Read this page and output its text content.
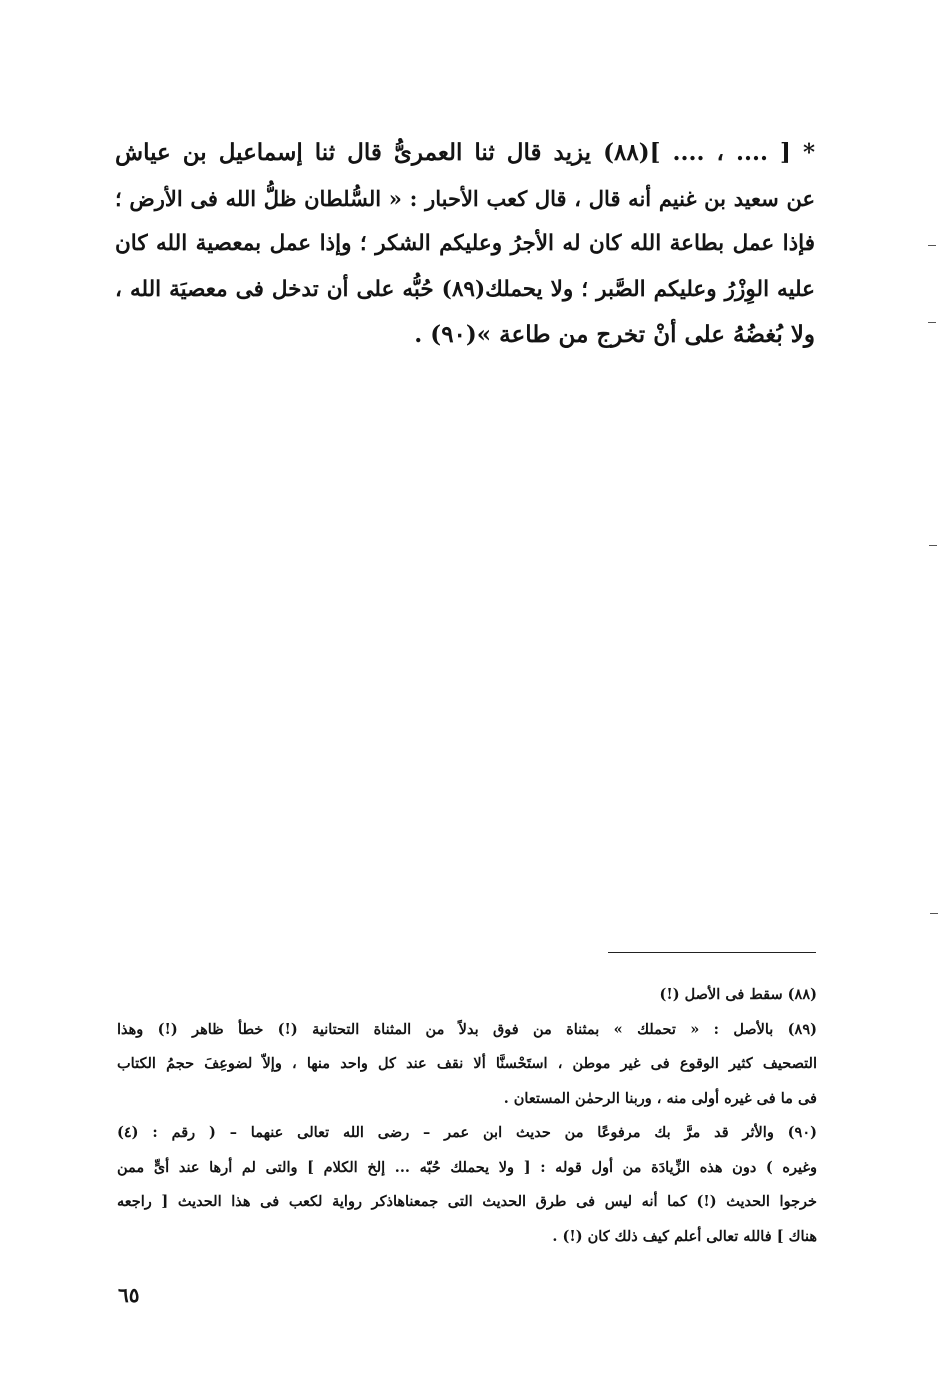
* [ .... ، .... ](٨٨) يزيد قال ثنا العمرىُّ قال ثنا إسماعيل بن عياش
عن سعيد بن غنيم أنه قال ، قال كعب الأحبار : « السُّلطان ظلُّ الله فى الأرض ؛
فإذا عمل بطاعة الله كان له الأجرُ وعليكم الشكر ؛ وإذا عمل بمعصية الله كان
عليه الوِزْرُ وعليكم الصَّبر ؛ ولا يحملك(٨٩) حُبُّه على أن تدخل فى معصيَة الله ،
ولا بُغضُهُ على أنْ تخرج من طاعة »(٩٠) .
(٨٨) سقط فى الأصل (!)
(٨٩) بالأصل : « تحملك » بمثناة من فوق بدلاً من المثناة التحتانية (!) خطأ ظاهر (!) وهذا
التصحيف كثير الوقوع فى غير موطن ، استَحْسنَّا ألا نقف عند كل واحد منها ، وإلاّ لضوعِفَ حجمُ الكتاب
فى ما فى غيره أولى منه ، وربنا الرحمٰن المستعان .
(٩٠) والأثر قد مرَّ بك مرفوعًا من حديث ابن عمر – رضى الله تعالى عنهما – ( رقم : (٤)
وغيره ) دون هذه الزِّيادَة من أول قوله : [ ولا يحملك حُبّه ... إلخ الكلام ] والتى لم أرها عند أىٍّ ممن
خرجوا الحديث (!) كما أنه ليس فى طرق الحديث التى جمعناهاذكر رواية لكعب فى هذا الحديث [ راجعه
هناك ] فالله تعالى أعلم كيف ذلك كان (!) .
٦٥
